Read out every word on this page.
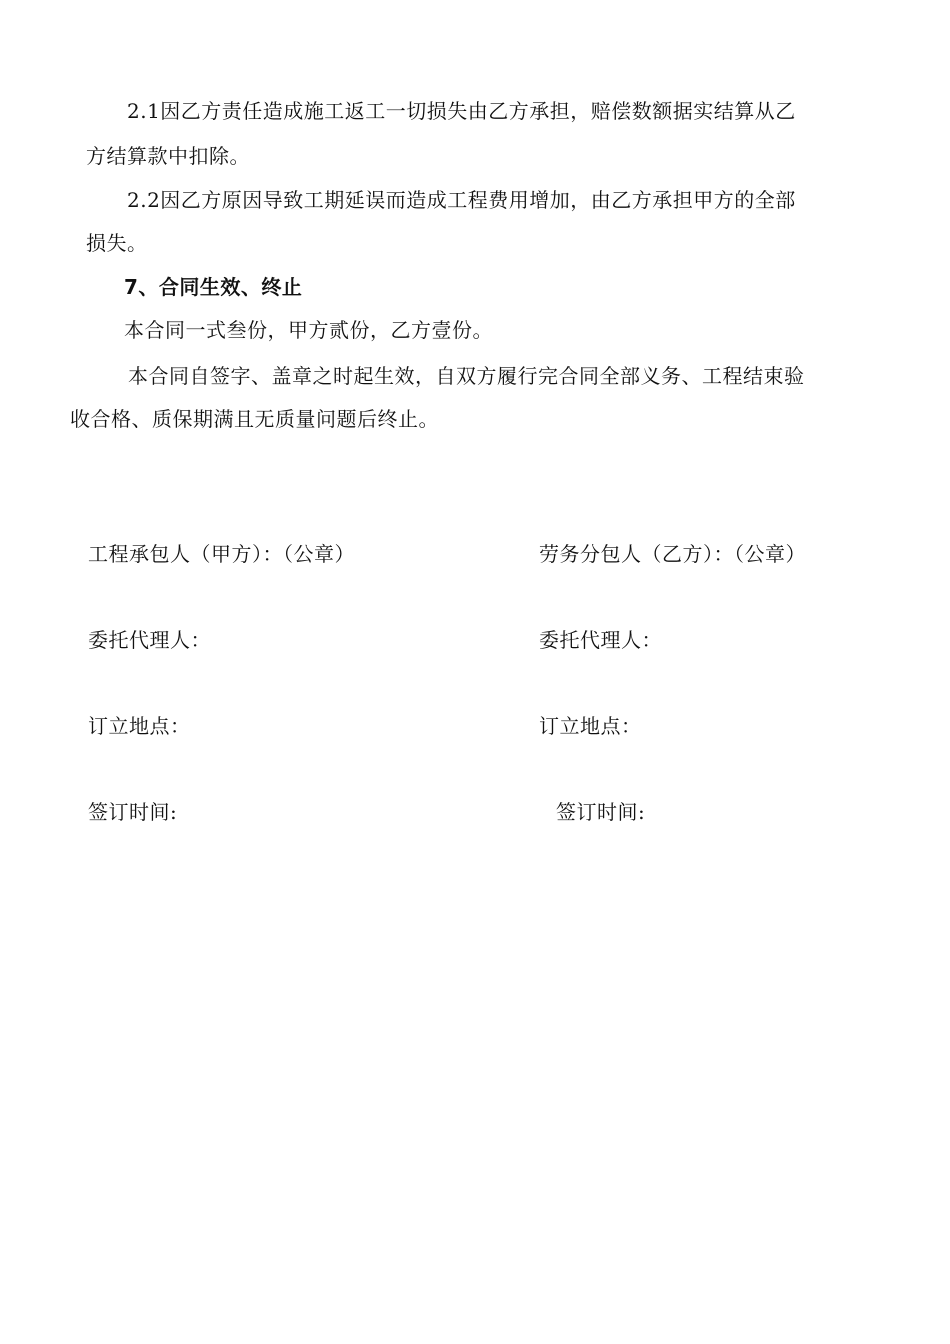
2.1因乙方责任造成施工返工一切损失由乙方承担，赔偿数额据实结算从乙
方结算款中扣除。
2.2因乙方原因导致工期延误而造成工程费用增加，由乙方承担甲方的全部
损失。
7、合同生效、终止
本合同一式叁份，甲方贰份，乙方壹份。
本合同自签字、盖章之时起生效，自双方履行完合同全部义务、工程结束验
收合格、质保期满且无质量问题后终止。
工程承包人（甲方）：（公章）
委托代理人：
订立地点：
签订时间:
劳务分包人（乙方）：（公章）
委托代理人：
订立地点：
签订时间:
